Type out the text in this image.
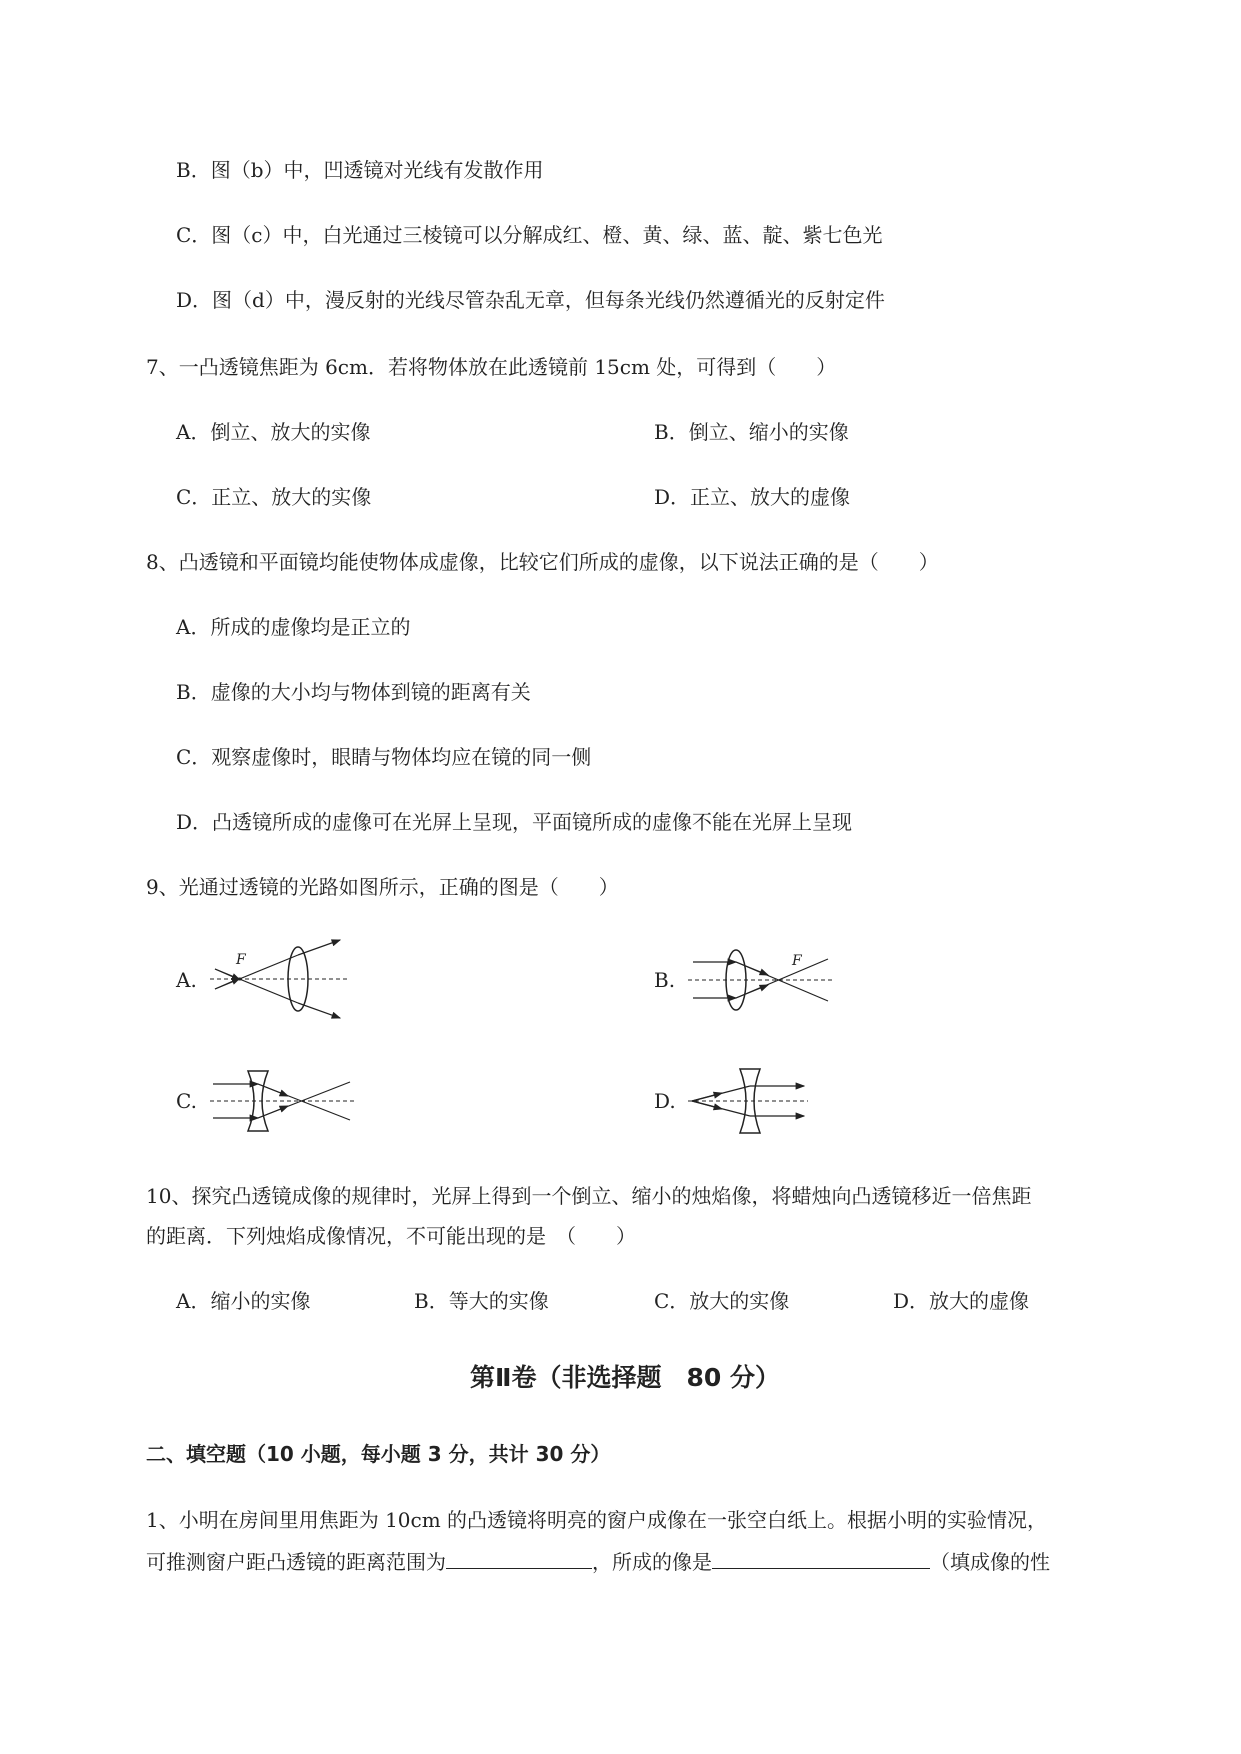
B．图（b）中，凹透镜对光线有发散作用
C．图（c）中，白光通过三棱镜可以分解成红、橙、黄、绿、蓝、靛、紫七色光
D．图（d）中，漫反射的光线尽管杂乱无章，但每条光线仍然遵循光的反射定件
7、一凸透镜焦距为 6cm．若将物体放在此透镜前 15cm 处，可得到（　　）
A．倒立、放大的实像	B．倒立、缩小的实像
C．正立、放大的实像	D．正立、放大的虚像
8、凸透镜和平面镜均能使物体成虚像，比较它们所成的虚像，以下说法正确的是（　　）
A．所成的虚像均是正立的
B．虚像的大小均与物体到镜的距离有关
C．观察虚像时，眼睛与物体均应在镜的同一侧
D．凸透镜所成的虚像可在光屏上呈现，平面镜所成的虚像不能在光屏上呈现
9、光通过透镜的光路如图所示，正确的图是（　　）
A.
F
B.
F
C.	D.
10、探究凸透镜成像的规律时，光屏上得到一个倒立、缩小的烛焰像，将蜡烛向凸透镜移近一倍焦距
的距离．下列烛焰成像情况，不可能出现的是　（　　）
A．缩小的实像	B．等大的实像	C．放大的实像	D．放大的虚像
第Ⅱ卷（非选择题　80 分）
二、填空题（10 小题，每小题 3 分，共计 30 分）
1、小明在房间里用焦距为 10cm 的凸透镜将明亮的窗户成像在一张空白纸上。根据小明的实验情况，
可推测窗户距凸透镜的距离范围为	，所成的像是	（填成像的性
